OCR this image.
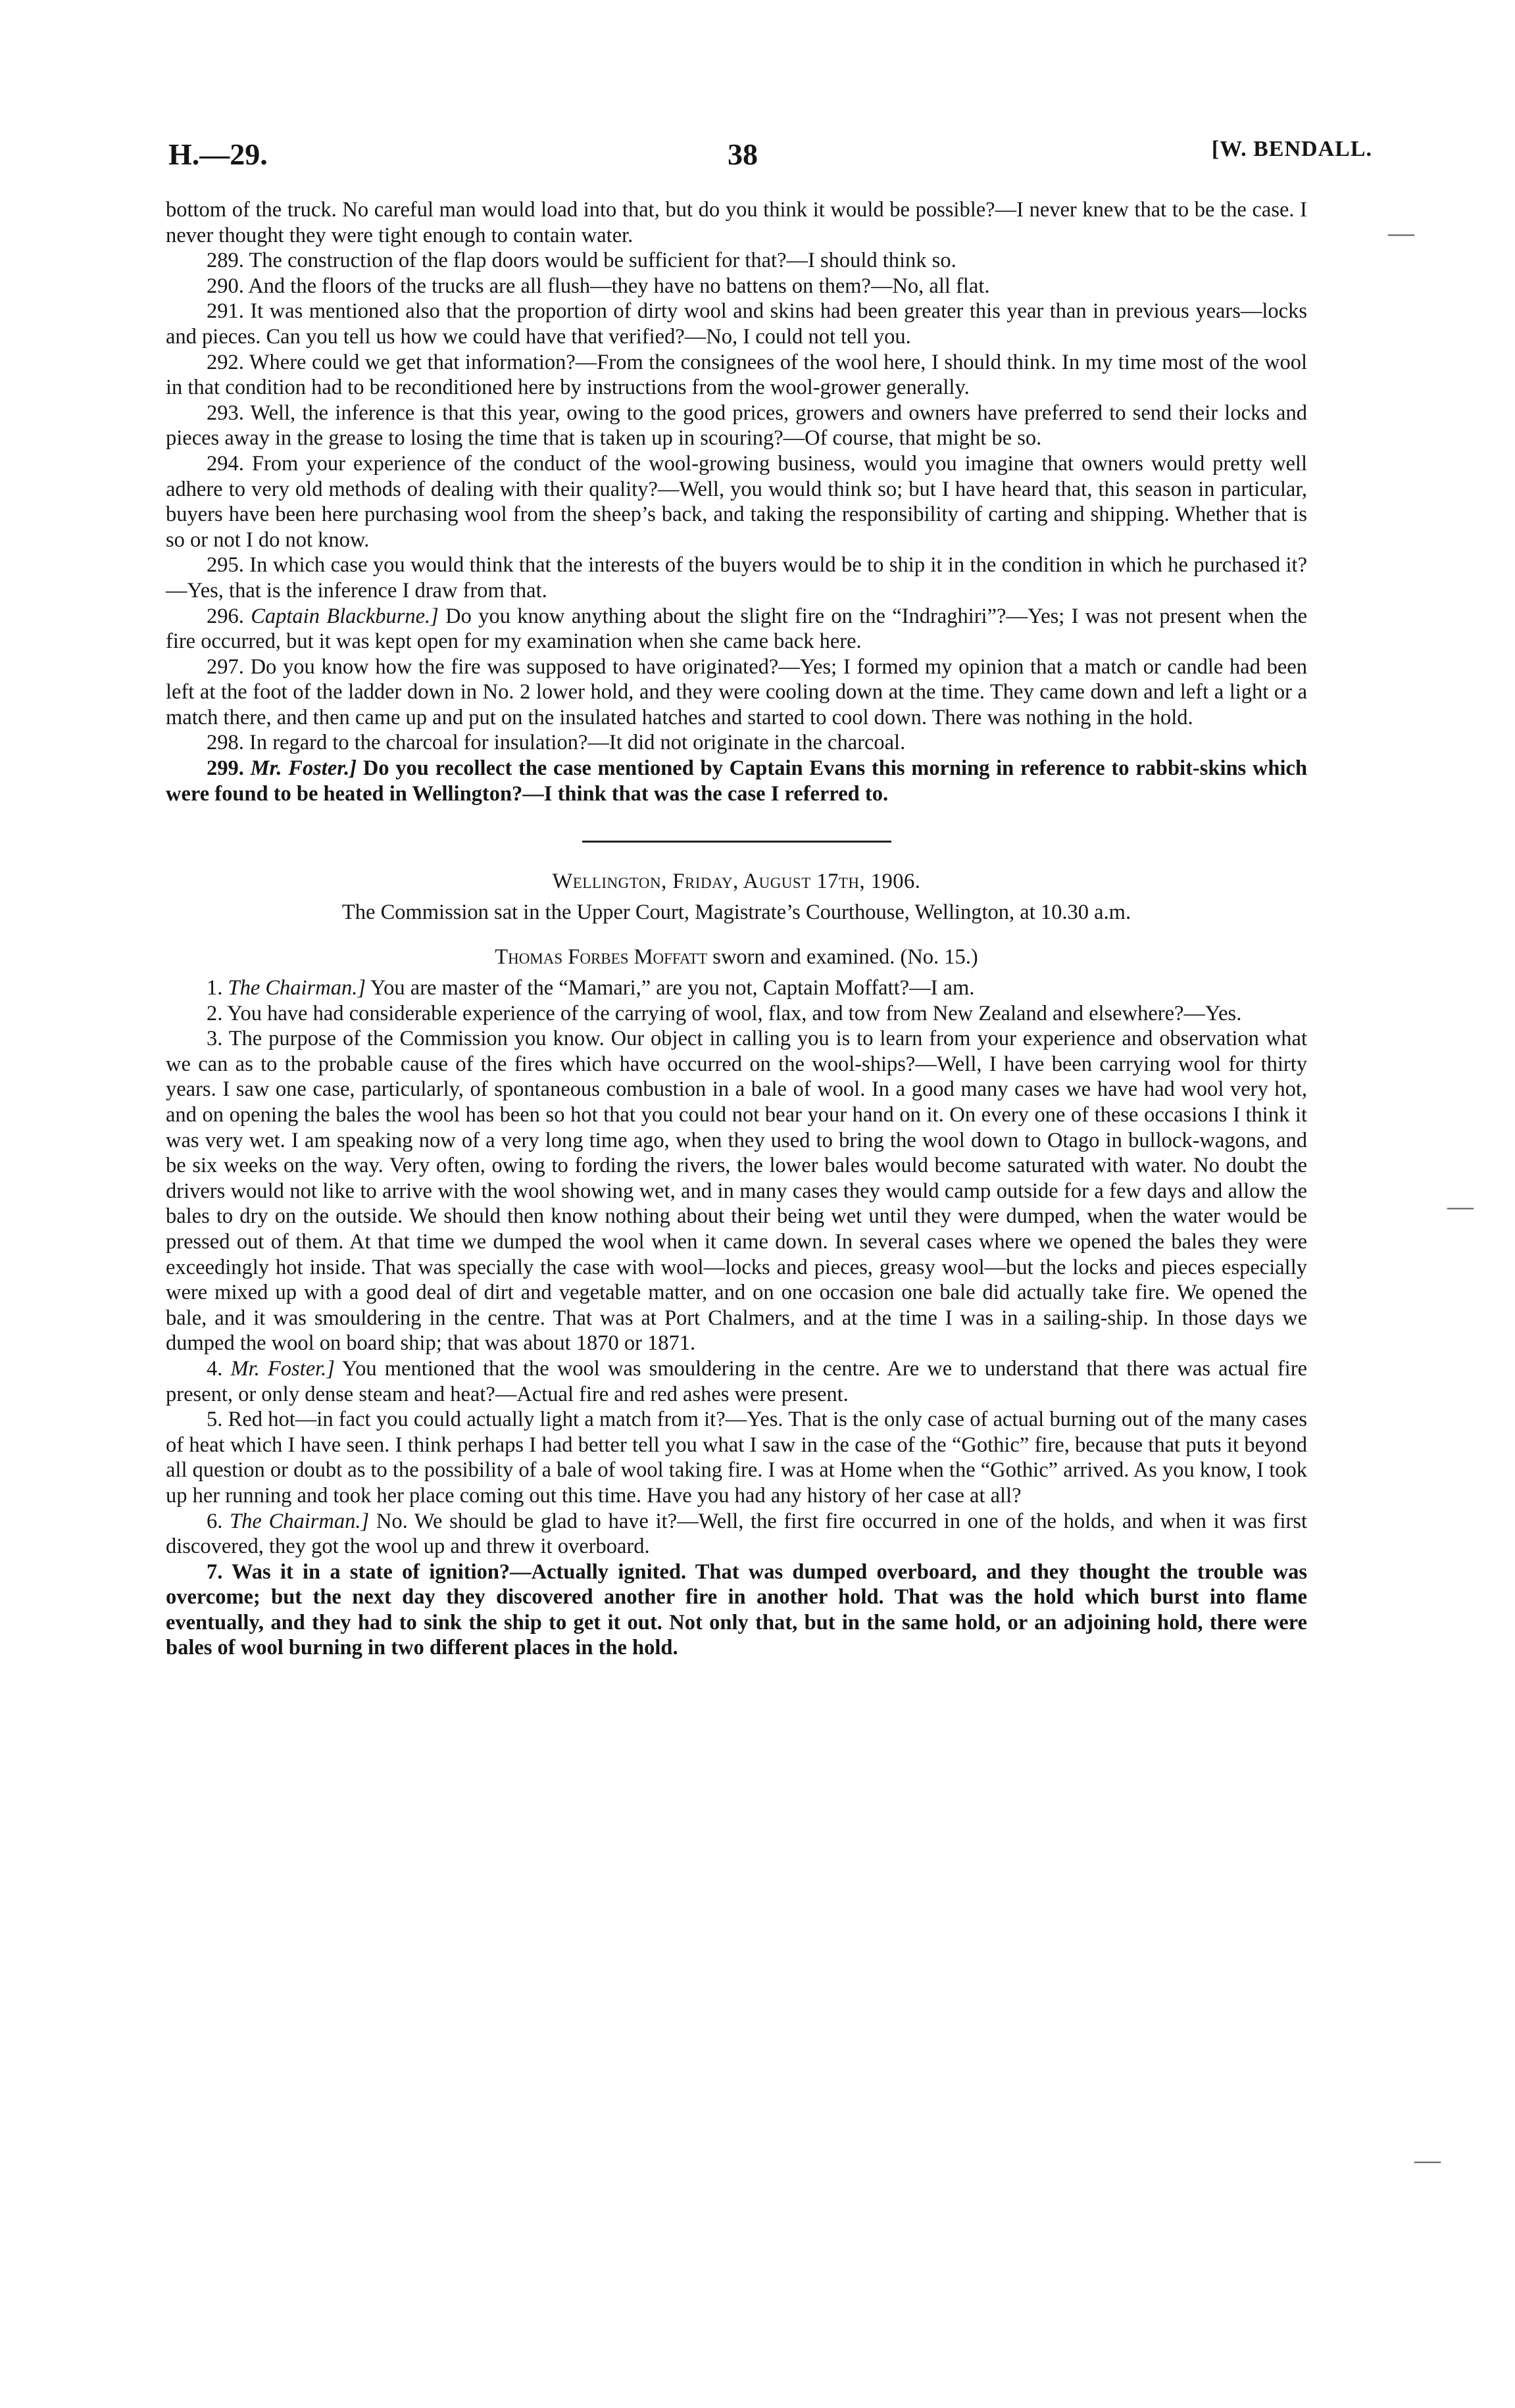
H.—29.	38	[W. BENDALL.

bottom of the truck. No careful man would load into that, but do you think it would be possible?—I never knew that to be the case. I never thought they were tight enough to contain water.

289. The construction of the flap doors would be sufficient for that?—I should think so.

290. And the floors of the trucks are all flush—they have no battens on them?—No, all flat.

291. It was mentioned also that the proportion of dirty wool and skins had been greater this year than in previous years—locks and pieces. Can you tell us how we could have that verified?—No, I could not tell you.

292. Where could we get that information?—From the consignees of the wool here, I should think. In my time most of the wool in that condition had to be reconditioned here by instructions from the wool-grower generally.

293. Well, the inference is that this year, owing to the good prices, growers and owners have preferred to send their locks and pieces away in the grease to losing the time that is taken up in scouring?—Of course, that might be so.

294. From your experience of the conduct of the wool-growing business, would you imagine that owners would pretty well adhere to very old methods of dealing with their quality?—Well, you would think so; but I have heard that, this season in particular, buyers have been here purchasing wool from the sheep’s back, and taking the responsibility of carting and shipping. Whether that is so or not I do not know.

295. In which case you would think that the interests of the buyers would be to ship it in the condition in which he purchased it?—Yes, that is the inference I draw from that.

296. Captain Blackburne.] Do you know anything about the slight fire on the “Indraghiri”?—Yes; I was not present when the fire occurred, but it was kept open for my examination when she came back here.

297. Do you know how the fire was supposed to have originated?—Yes; I formed my opinion that a match or candle had been left at the foot of the ladder down in No. 2 lower hold, and they were cooling down at the time. They came down and left a light or a match there, and then came up and put on the insulated hatches and started to cool down. There was nothing in the hold.

298. In regard to the charcoal for insulation?—It did not originate in the charcoal.

299. Mr. Foster.] Do you recollect the case mentioned by Captain Evans this morning in reference to rabbit-skins which were found to be heated in Wellington?—I think that was the case I referred to.

Wellington, Friday, August 17th, 1906.

The Commission sat in the Upper Court, Magistrate’s Courthouse, Wellington, at 10.30 a.m.

Thomas Forbes Moffatt sworn and examined. (No. 15.)

1. The Chairman.] You are master of the “Mamari,” are you not, Captain Moffatt?—I am.

2. You have had considerable experience of the carrying of wool, flax, and tow from New Zealand and elsewhere?—Yes.

3. The purpose of the Commission you know. Our object in calling you is to learn from your experience and observation what we can as to the probable cause of the fires which have occurred on the wool-ships?—Well, I have been carrying wool for thirty years. I saw one case, particularly, of spontaneous combustion in a bale of wool. In a good many cases we have had wool very hot, and on opening the bales the wool has been so hot that you could not bear your hand on it. On every one of these occasions I think it was very wet. I am speaking now of a very long time ago, when they used to bring the wool down to Otago in bullock-wagons, and be six weeks on the way. Very often, owing to fording the rivers, the lower bales would become saturated with water. No doubt the drivers would not like to arrive with the wool showing wet, and in many cases they would camp outside for a few days and allow the bales to dry on the outside. We should then know nothing about their being wet until they were dumped, when the water would be pressed out of them. At that time we dumped the wool when it came down. In several cases where we opened the bales they were exceedingly hot inside. That was specially the case with wool—locks and pieces, greasy wool—but the locks and pieces especially were mixed up with a good deal of dirt and vegetable matter, and on one occasion one bale did actually take fire. We opened the bale, and it was smouldering in the centre. That was at Port Chalmers, and at the time I was in a sailing-ship. In those days we dumped the wool on board ship; that was about 1870 or 1871.

4. Mr. Foster.] You mentioned that the wool was smouldering in the centre. Are we to understand that there was actual fire present, or only dense steam and heat?—Actual fire and red ashes were present.

5. Red hot—in fact you could actually light a match from it?—Yes. That is the only case of actual burning out of the many cases of heat which I have seen. I think perhaps I had better tell you what I saw in the case of the “Gothic” fire, because that puts it beyond all question or doubt as to the possibility of a bale of wool taking fire. I was at Home when the “Gothic” arrived. As you know, I took up her running and took her place coming out this time. Have you had any history of her case at all?

6. The Chairman.] No. We should be glad to have it?—Well, the first fire occurred in one of the holds, and when it was first discovered, they got the wool up and threw it overboard.

7. Was it in a state of ignition?—Actually ignited. That was dumped overboard, and they thought the trouble was overcome; but the next day they discovered another fire in another hold. That was the hold which burst into flame eventually, and they had to sink the ship to get it out. Not only that, but in the same hold, or an adjoining hold, there were bales of wool burning in two different places in the hold.

—
—
—
